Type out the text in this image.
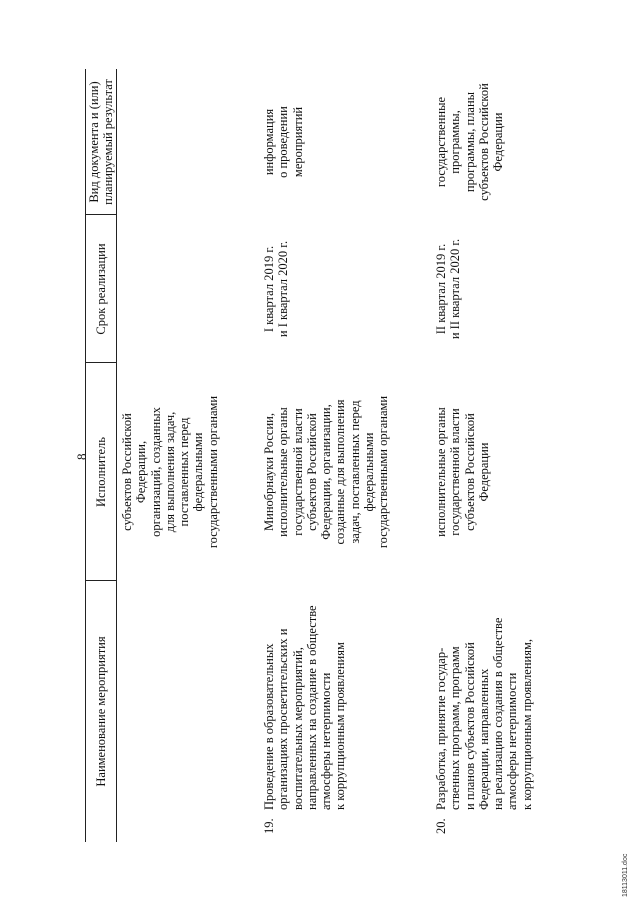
8
Наименование мероприятия
Исполнитель
Срок реализации
Вид документа и (или) планируемый результат
субъектов Российской Федерации, организаций, созданных для выполнения задач, поставленных перед федеральными государственными органами
19.
Проведение в образовательных организациях просветительских и воспитательных мероприятий, направленных на создание в обществе атмосферы нетерпимости к коррупционным проявлениям
Минобрнауки России, исполнительные органы государственной власти субъектов Российской Федерации, организации, созданные для выполнения задач, поставленных перед федеральными государственными органами
I квартал 2019 г. и I квартал 2020 г.
информация о проведении мероприятий
20.
Разработка, принятие государ- ственных программ, программ и планов субъектов Российской Федерации, направленных на реализацию создания в обществе атмосферы нетерпимости к коррупционным проявлениям,
исполнительные органы государственной власти субъектов Российской Федерации
II квартал 2019 г. и II квартал 2020 г.
государственные программы, программы, планы субъектов Российской Федерации
18113011.doc
